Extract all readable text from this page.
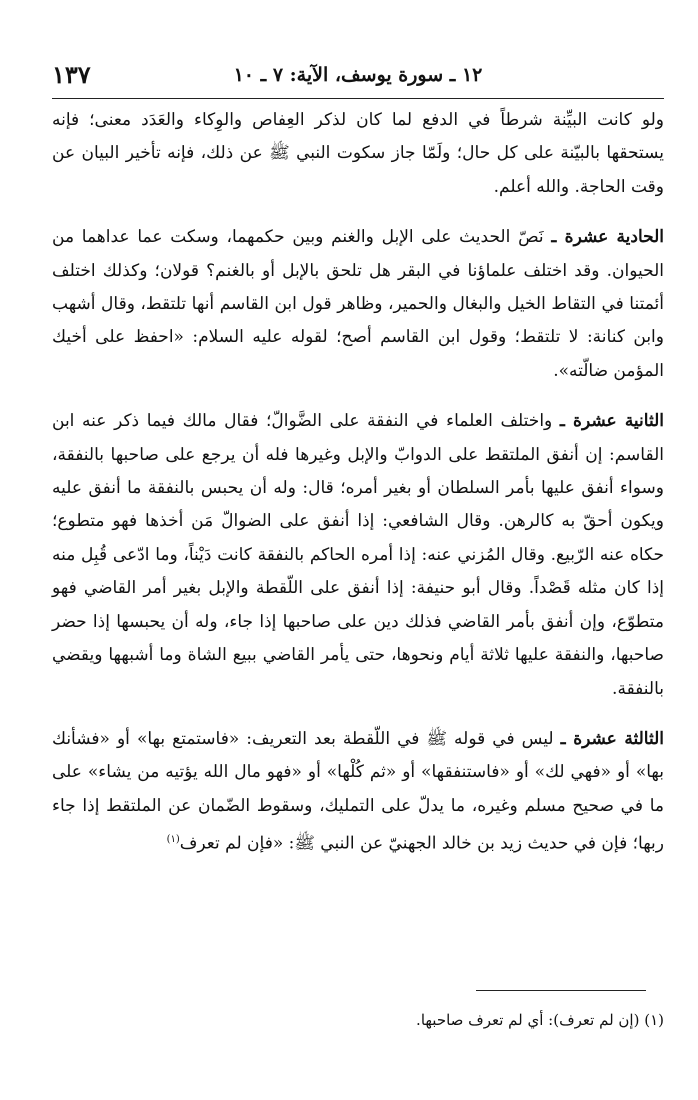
١٢ ـ سورة يوسف، الآية: ٧ ـ ١٠
١٣٧

ولو كانت البيِّنة شرطاً في الدفع لما كان لذكر العِفاص والوِكاء والعَدَد معنى؛ فإنه يستحقها بالبيّنة على كل حال؛ ولَمّا جاز سكوت النبي ﷺ عن ذلك، فإنه تأخير البيان عن وقت الحاجة. والله أعلم.

الحادية عشرة ـ نَصّ الحديث على الإبل والغنم وبين حكمهما، وسكت عما عداهما من الحيوان. وقد اختلف علماؤنا في البقر هل تلحق بالإبل أو بالغنم؟ قولان؛ وكذلك اختلف أئمتنا في التقاط الخيل والبغال والحمير، وظاهر قول ابن القاسم أنها تلتقط، وقال أشهب وابن كنانة: لا تلتقط؛ وقول ابن القاسم أصح؛ لقوله عليه السلام: «احفظ على أخيك المؤمن ضالّته».

الثانية عشرة ـ واختلف العلماء في النفقة على الضَّوالّ؛ فقال مالك فيما ذكر عنه ابن القاسم: إن أنفق الملتقط على الدوابّ والإبل وغيرها فله أن يرجع على صاحبها بالنفقة، وسواء أنفق عليها بأمر السلطان أو بغير أمره؛ قال: وله أن يحبس بالنفقة ما أنفق عليه ويكون أحقّ به كالرهن. وقال الشافعي: إذا أنفق على الضوالّ مَن أخذها فهو متطوع؛ حكاه عنه الرّبيع. وقال المُزني عنه: إذا أمره الحاكم بالنفقة كانت دَيْناً، وما ادّعى قُبِل منه إذا كان مثله قَصْداً. وقال أبو حنيفة: إذا أنفق على اللّقطة والإبل بغير أمر القاضي فهو متطوّع، وإن أنفق بأمر القاضي فذلك دين على صاحبها إذا جاء، وله أن يحبسها إذا حضر صاحبها، والنفقة عليها ثلاثة أيام ونحوها، حتى يأمر القاضي ببيع الشاة وما أشبهها ويقضي بالنفقة.

الثالثة عشرة ـ ليس في قوله ﷺ في اللّقطة بعد التعريف: «فاستمتع بها» أو «فشأنك بها» أو «فهي لك» أو «فاستنفقها» أو «ثم كُلْها» أو «فهو مال الله يؤتيه من يشاء» على ما في صحيح مسلم وغيره، ما يدلّ على التمليك، وسقوط الضّمان عن الملتقط إذا جاء ربها؛ فإن في حديث زيد بن خالد الجهنيّ عن النبي ﷺ: «فإن لم تعرف$^{(١)}$

(١) (إن لم تعرف): أي لم تعرف صاحبها.
